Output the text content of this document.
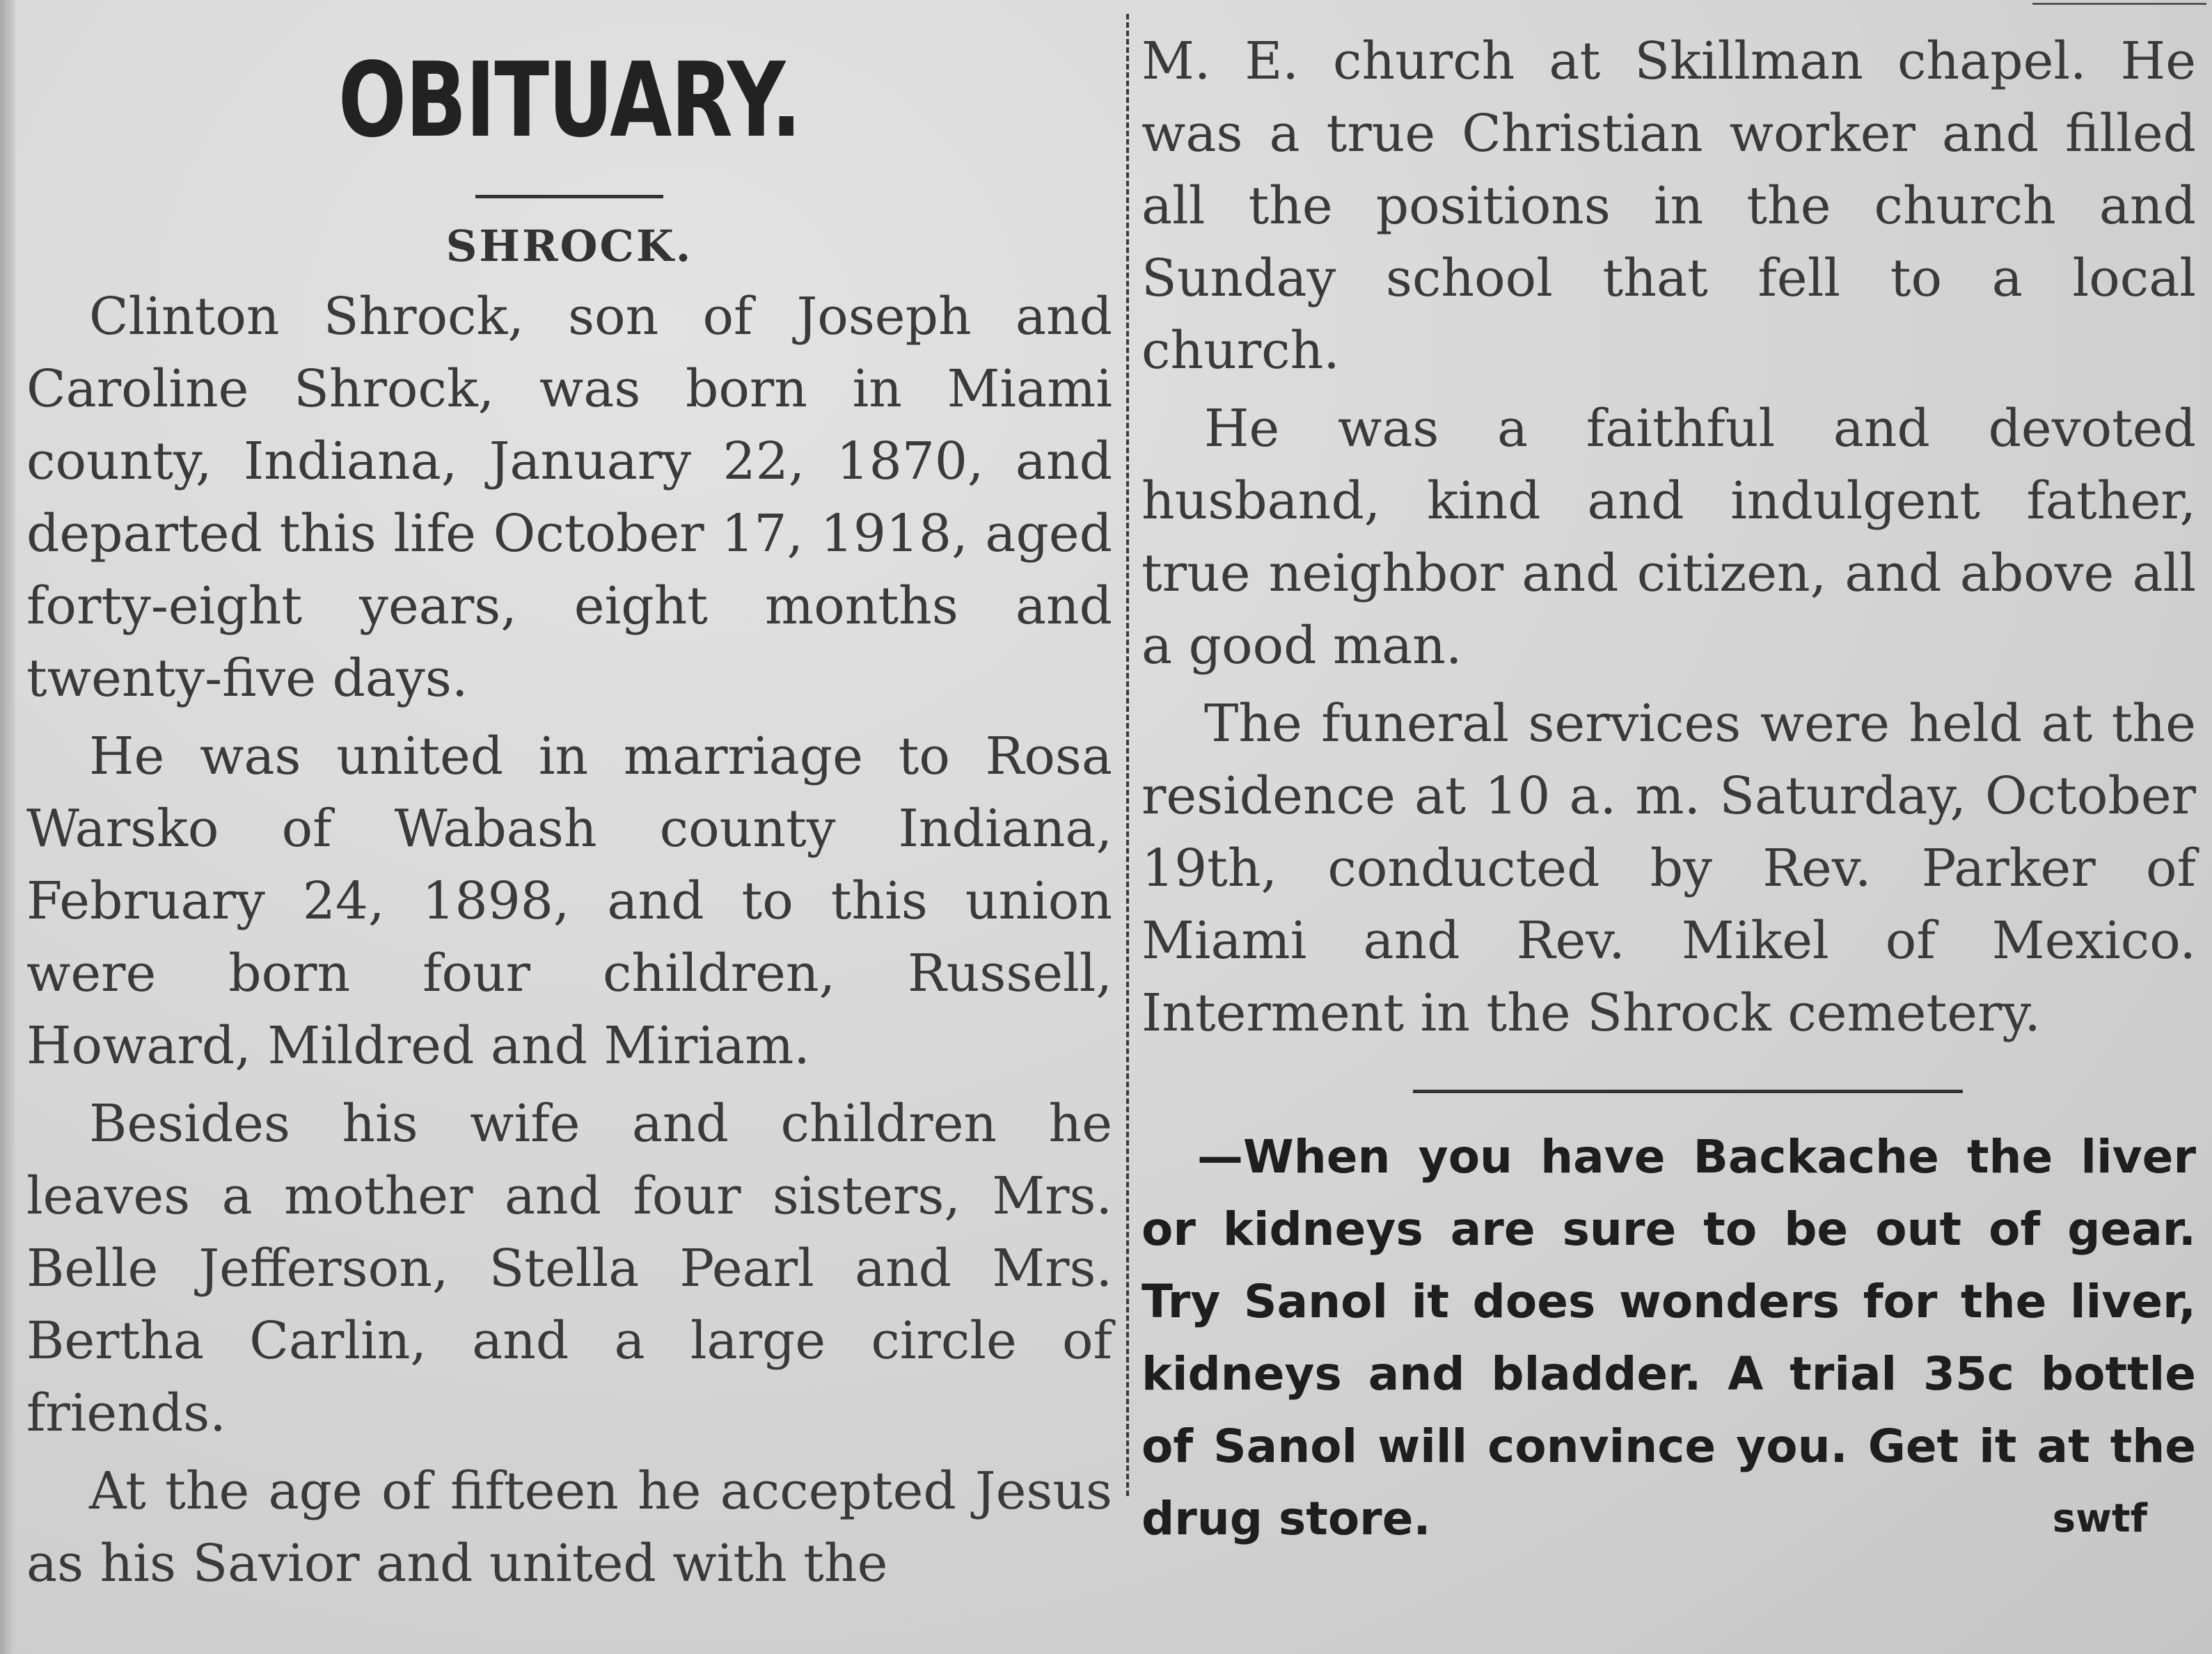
OBITUARY.
SHROCK.

Clinton Shrock, son of Joseph and Caroline Shrock, was born in Miami county, Indiana, January 22, 1870, and departed this life October 17, 1918, aged forty-eight years, eight months and twenty-five days.

He was united in marriage to Rosa Warsko of Wabash county Indiana, February 24, 1898, and to this union were born four children, Russell, Howard, Mildred and Miriam.

Besides his wife and children he leaves a mother and four sisters, Mrs. Belle Jefferson, Stella Pearl and Mrs. Bertha Carlin, and a large circle of friends.

At the age of fifteen he accepted Jesus as his Savior and united with the

M. E. church at Skillman chapel. He was a true Christian worker and filled all the positions in the church and Sunday school that fell to a local church.

He was a faithful and devoted husband, kind and indulgent father, true neighbor and citizen, and above all a good man.

The funeral services were held at the residence at 10 a. m. Saturday, October 19th, conducted by Rev. Parker of Miami and Rev. Mikel of Mexico. Interment in the Shrock cemetery.

—When you have Backache the liver or kidneys are sure to be out of gear. Try Sanol it does wonders for the liver, kidneys and bladder. A trial 35c bottle of Sanol will convince you. Get it at the drug store.	swtf
